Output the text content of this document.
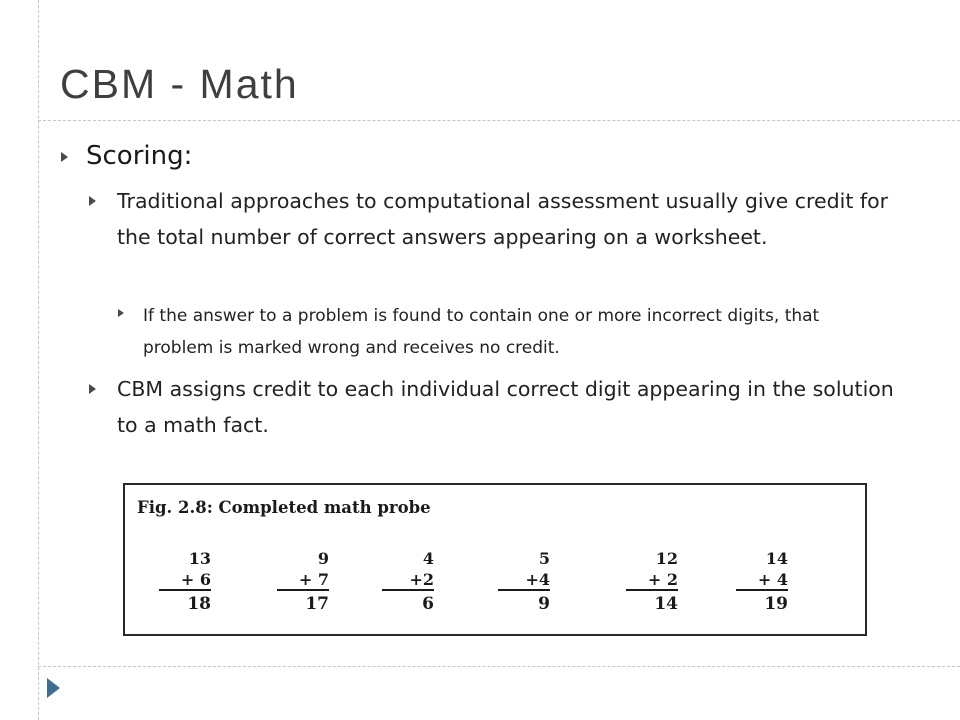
CBM - Math

Scoring:

Traditional approaches to computational assessment usually give credit for the total number of correct answers appearing on a worksheet.

If the answer to a problem is found to contain one or more incorrect digits, that problem is marked wrong and receives no credit.

CBM assigns credit to each individual correct digit appearing in the solution to a math fact.

Fig. 2.8: Completed math probe

13
+ 6
18
9
+ 7
17
4
+2
6
5
+4
9
12
+ 2
14
14
+ 4
19
